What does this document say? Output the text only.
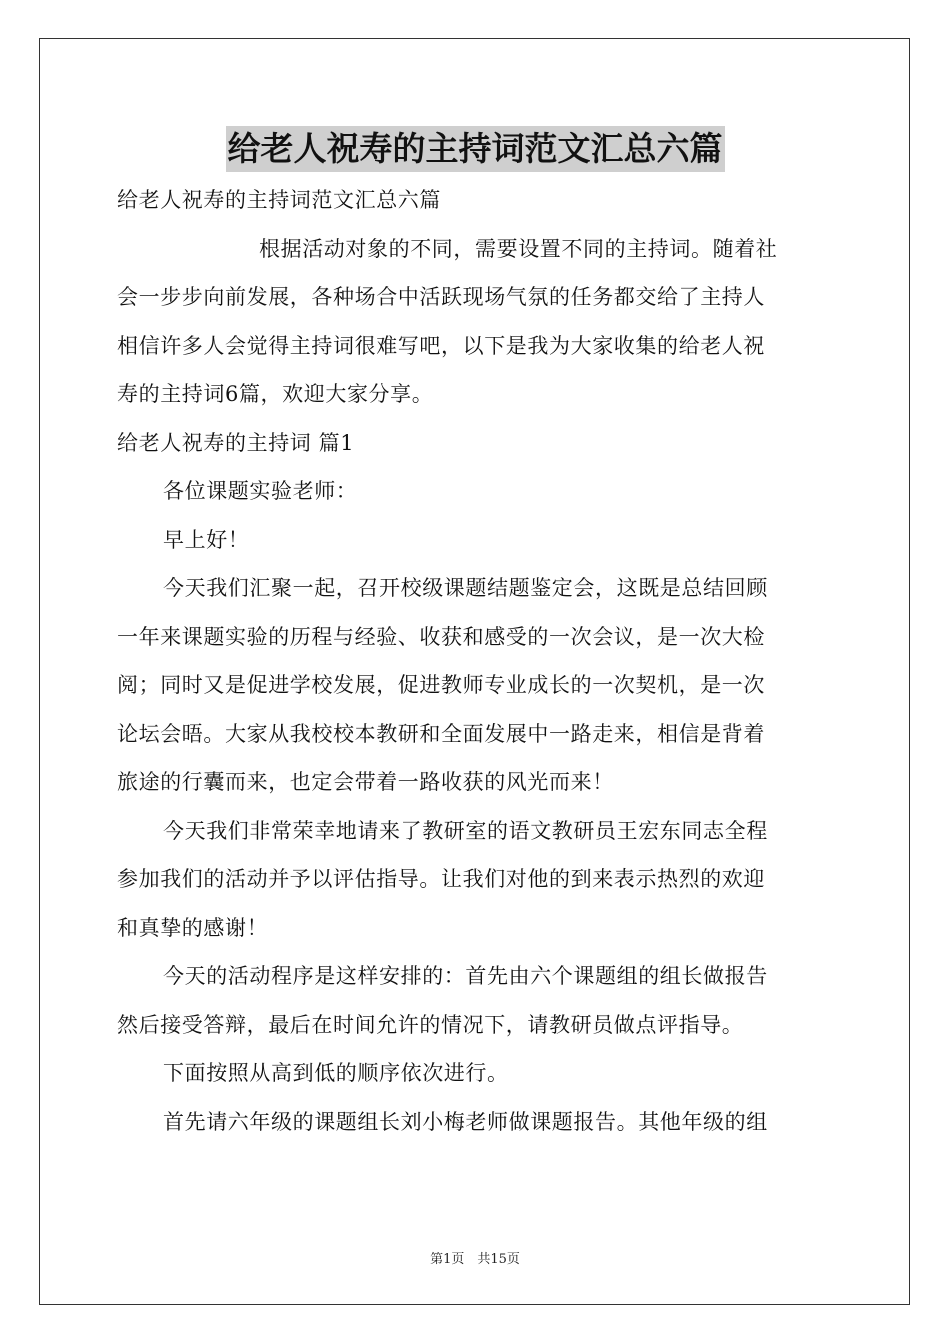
给老人祝寿的主持词范文汇总六篇
给老人祝寿的主持词范文汇总六篇
根据活动对象的不同，需要设置不同的主持词。随着社
会一步步向前发展，各种场合中活跃现场气氛的任务都交给了主持人
相信许多人会觉得主持词很难写吧，以下是我为大家收集的给老人祝
寿的主持词6篇，欢迎大家分享。
给老人祝寿的主持词 篇1
各位课题实验老师：
早上好！
今天我们汇聚一起，召开校级课题结题鉴定会，这既是总结回顾
一年来课题实验的历程与经验、收获和感受的一次会议，是一次大检
阅；同时又是促进学校发展，促进教师专业成长的一次契机，是一次
论坛会晤。大家从我校校本教研和全面发展中一路走来，相信是背着
旅途的行囊而来，也定会带着一路收获的风光而来！
今天我们非常荣幸地请来了教研室的语文教研员王宏东同志全程
参加我们的活动并予以评估指导。让我们对他的到来表示热烈的欢迎
和真挚的感谢！
今天的活动程序是这样安排的：首先由六个课题组的组长做报告
然后接受答辩，最后在时间允许的情况下，请教研员做点评指导。
下面按照从高到低的顺序依次进行。
首先请六年级的课题组长刘小梅老师做课题报告。其他年级的组
第1页　共15页
